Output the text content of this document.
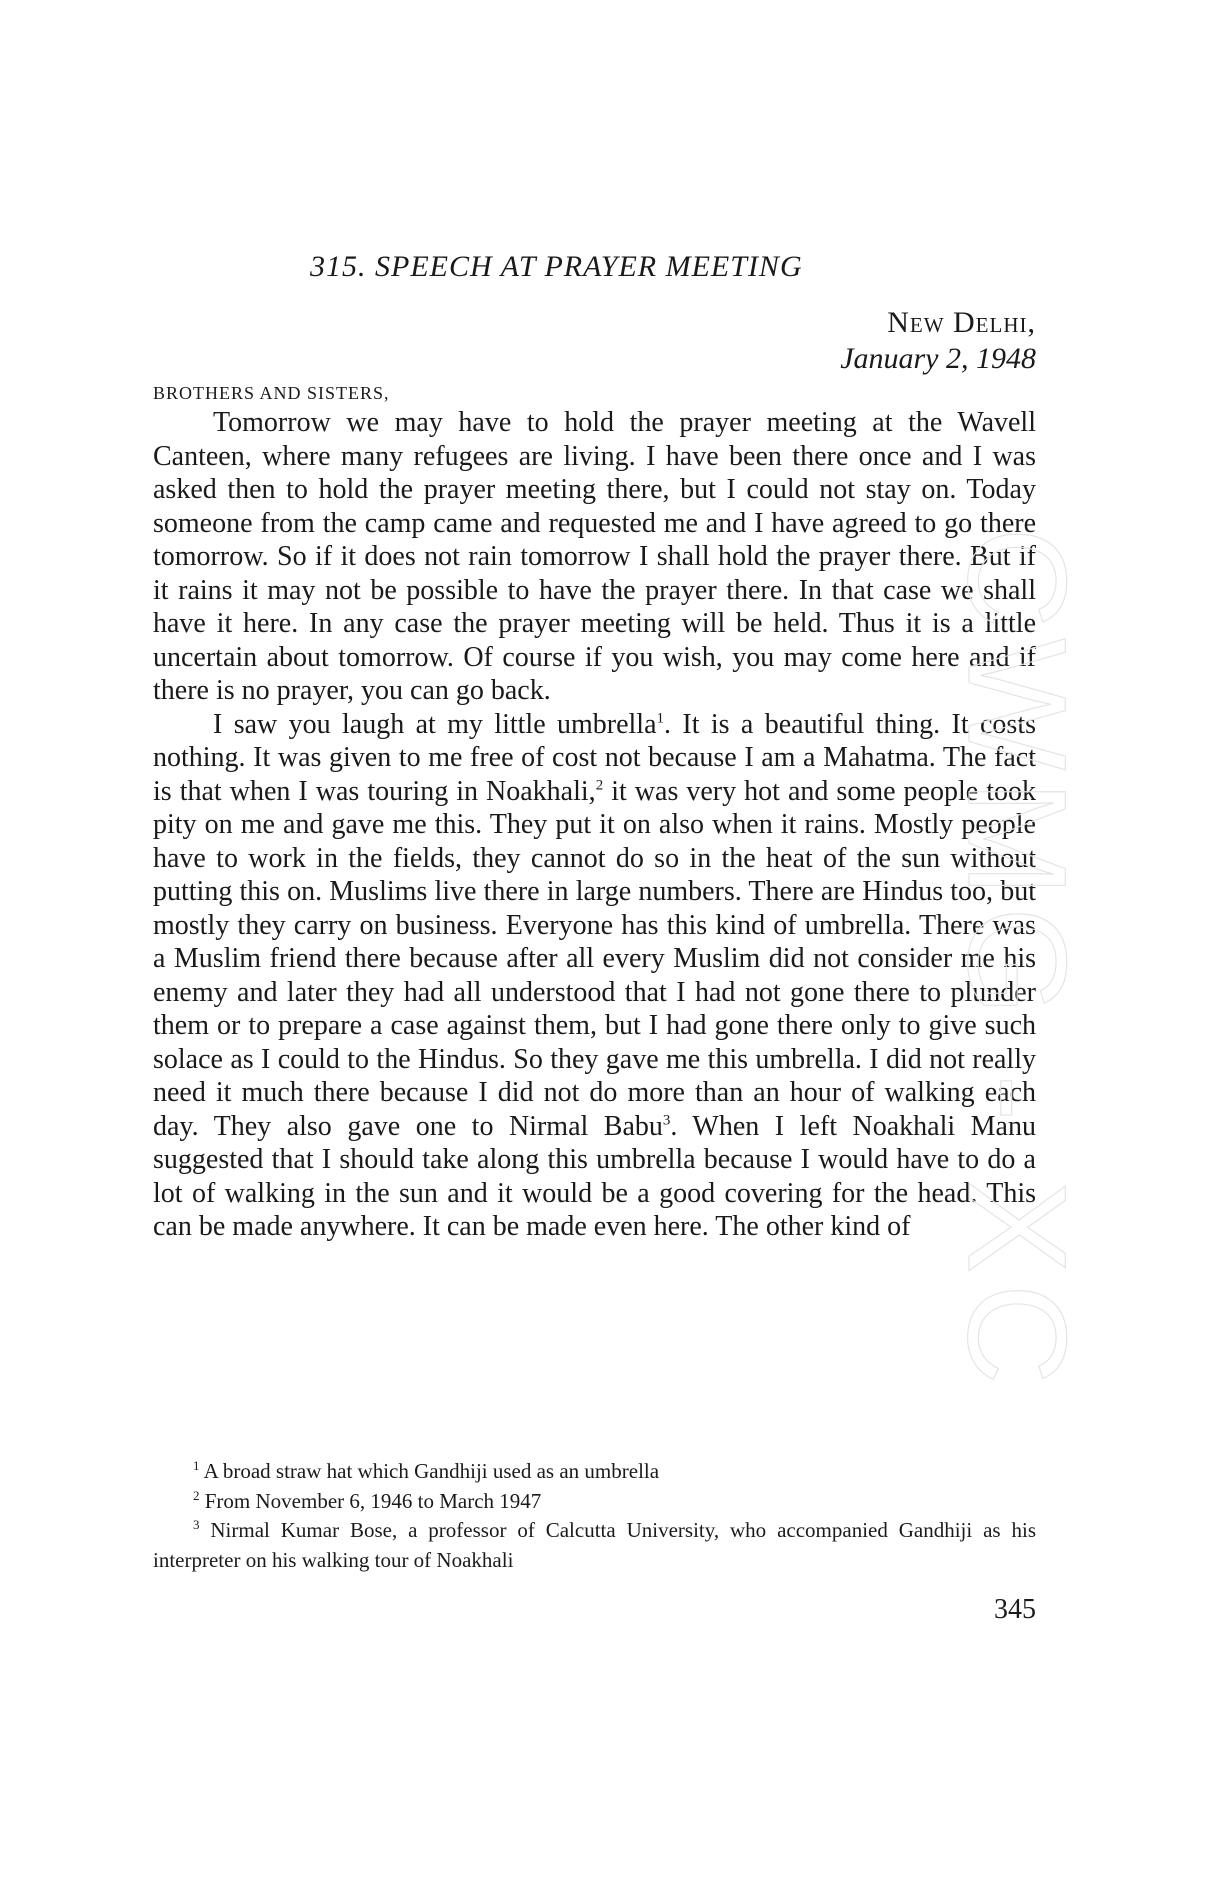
315. SPEECH AT PRAYER MEETING
New Delhi,
January 2, 1948
BROTHERS AND SISTERS,

Tomorrow we may have to hold the prayer meeting at the Wavell Canteen, where many refugees are living. I have been there once and I was asked then to hold the prayer meeting there, but I could not stay on. Today someone from the camp came and requested me and I have agreed to go there tomorrow. So if it does not rain tomorrow I shall hold the prayer there. But if it rains it may not be possible to have the prayer there. In that case we shall have it here. In any case the prayer meeting will be held. Thus it is a little uncertain about tomorrow. Of course if you wish, you may come here and if there is no prayer, you can go back.

I saw you laugh at my little umbrella$^1$. It is a beautiful thing. It costs nothing. It was given to me free of cost not because I am a Mahatma. The fact is that when I was touring in Noakhali,$^2$ it was very hot and some people took pity on me and gave me this. They put it on also when it rains. Mostly people have to work in the fields, they cannot do so in the heat of the sun without putting this on. Muslims live there in large numbers. There are Hindus too, but mostly they carry on business. Everyone has this kind of umbrella. There was a Muslim friend there because after all every Muslim did not consider me his enemy and later they had all understood that I had not gone there to plunder them or to prepare a case against them, but I had gone there only to give such solace as I could to the Hindus. So they gave me this umbrella. I did not really need it much there because I did not do more than an hour of walking each day. They also gave one to Nirmal Babu$^3$. When I left Noakhali Manu suggested that I should take along this umbrella because I would have to do a lot of walking in the sun and it would be a good covering for the head. This can be made anywhere. It can be made even here. The other kind of

$^1$ A broad straw hat which Gandhiji used as an umbrella
$^2$ From November 6, 1946 to March 1947
$^3$ Nirmal Kumar Bose, a professor of Calcutta University, who accompanied Gandhiji as his interpreter on his walking tour of Noakhali
345
CWMG - XC
